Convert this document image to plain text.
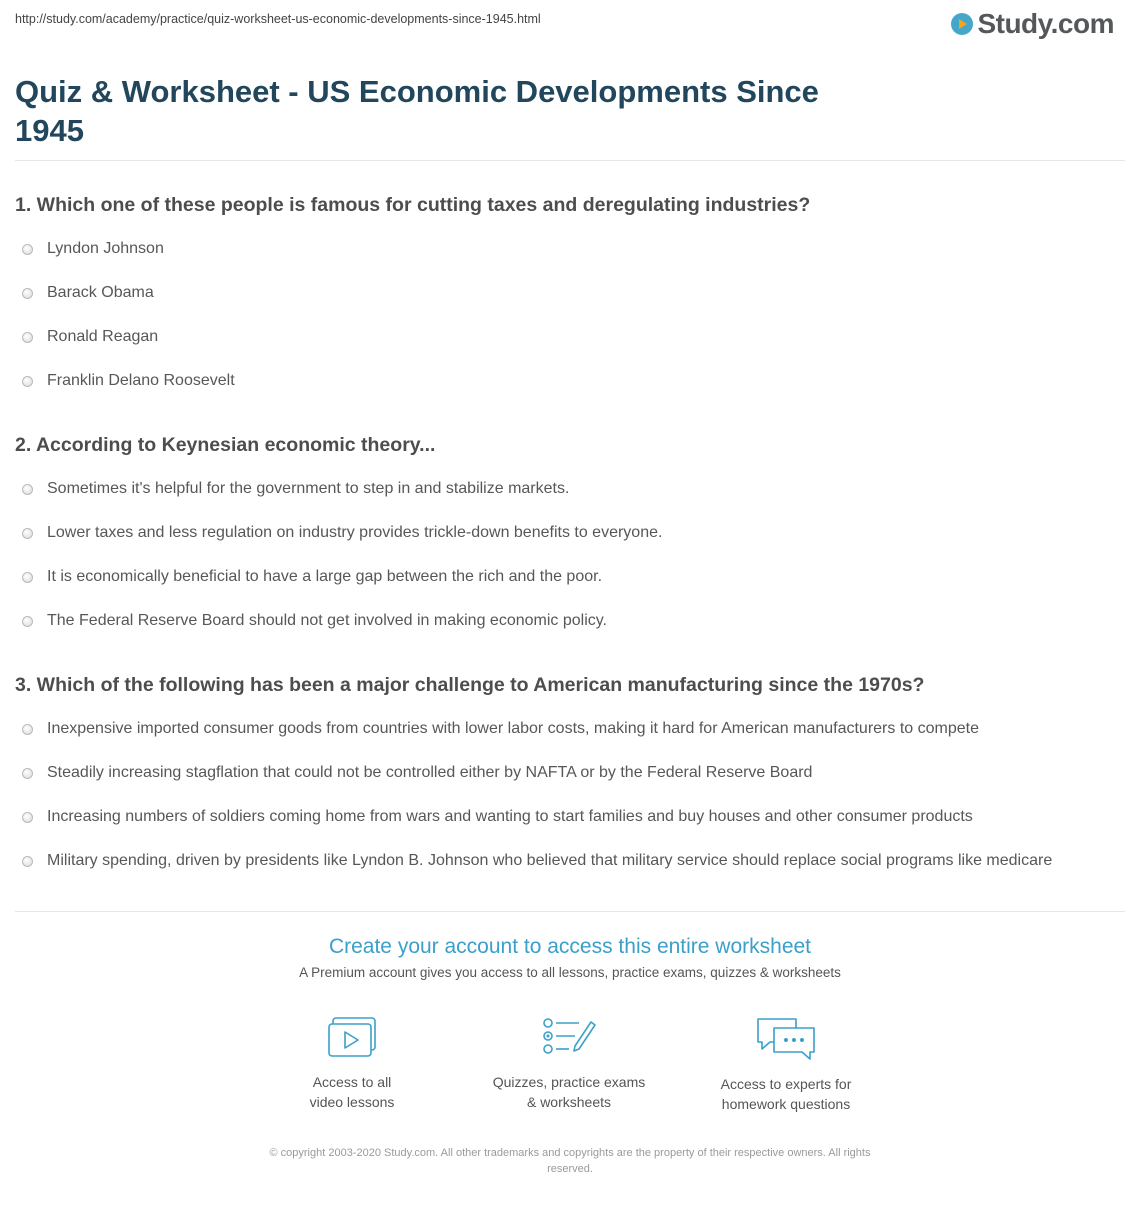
http://study.com/academy/practice/quiz-worksheet-us-economic-developments-since-1945.html	Study.com
Quiz & Worksheet - US Economic Developments Since 1945
1. Which one of these people is famous for cutting taxes and deregulating industries?
Lyndon Johnson
Barack Obama
Ronald Reagan
Franklin Delano Roosevelt
2. According to Keynesian economic theory...
Sometimes it's helpful for the government to step in and stabilize markets.
Lower taxes and less regulation on industry provides trickle-down benefits to everyone.
It is economically beneficial to have a large gap between the rich and the poor.
The Federal Reserve Board should not get involved in making economic policy.
3. Which of the following has been a major challenge to American manufacturing since the 1970s?
Inexpensive imported consumer goods from countries with lower labor costs, making it hard for American manufacturers to compete
Steadily increasing stagflation that could not be controlled either by NAFTA or by the Federal Reserve Board
Increasing numbers of soldiers coming home from wars and wanting to start families and buy houses and other consumer products
Military spending, driven by presidents like Lyndon B. Johnson who believed that military service should replace social programs like medicare
Create your account to access this entire worksheet
A Premium account gives you access to all lessons, practice exams, quizzes & worksheets
Access to all
video lessons
Quizzes, practice exams
& worksheets
Access to experts for
homework questions
© copyright 2003-2020 Study.com. All other trademarks and copyrights are the property of their respective owners. All rights
reserved.
